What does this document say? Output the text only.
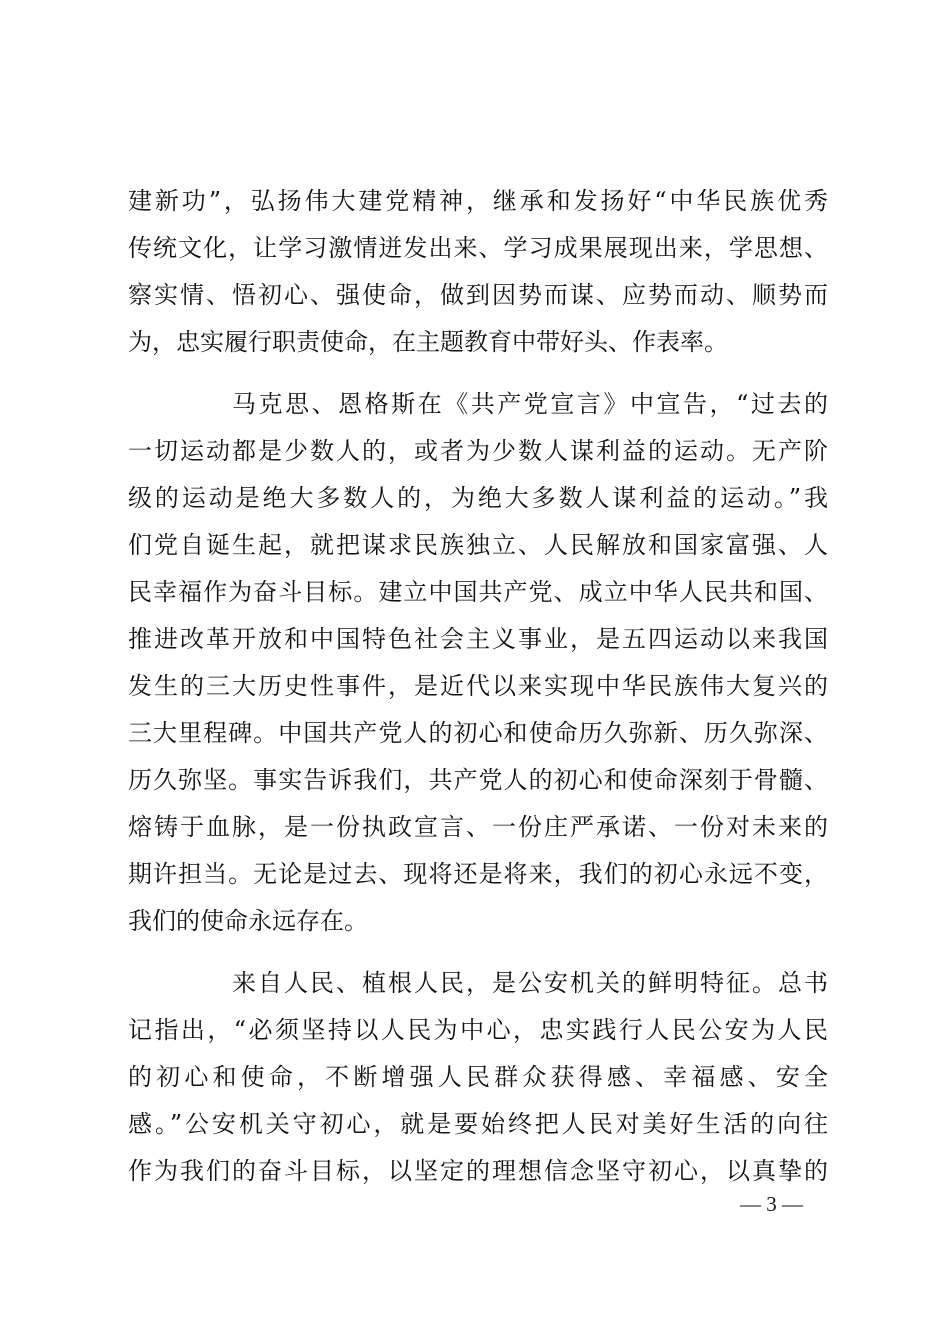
建新功”，弘扬伟大建党精神，继承和发扬好“中华民族优秀

传统文化，让学习激情迸发出来、学习成果展现出来，学思想、

察实情、悟初心、强使命，做到因势而谋、应势而动、顺势而

为，忠实履行职责使命，在主题教育中带好头、作表率。

马克思、恩格斯在《共产党宣言》中宣告，“过去的

一切运动都是少数人的，或者为少数人谋利益的运动。无产阶

级的运动是绝大多数人的，为绝大多数人谋利益的运动。”我

们党自诞生起，就把谋求民族独立、人民解放和国家富强、人

民幸福作为奋斗目标。建立中国共产党、成立中华人民共和国、

推进改革开放和中国特色社会主义事业，是五四运动以来我国

发生的三大历史性事件，是近代以来实现中华民族伟大复兴的

三大里程碑。中国共产党人的初心和使命历久弥新、历久弥深、

历久弥坚。事实告诉我们，共产党人的初心和使命深刻于骨髓、

熔铸于血脉，是一份执政宣言、一份庄严承诺、一份对未来的

期许担当。无论是过去、现将还是将来，我们的初心永远不变，

我们的使命永远存在。

来自人民、植根人民，是公安机关的鲜明特征。总书

记指出，“必须坚持以人民为中心，忠实践行人民公安为人民

的初心和使命，不断增强人民群众获得感、幸福感、安全

感。”公安机关守初心，就是要始终把人民对美好生活的向往

作为我们的奋斗目标，以坚定的理想信念坚守初心，以真挚的

— 3 —
